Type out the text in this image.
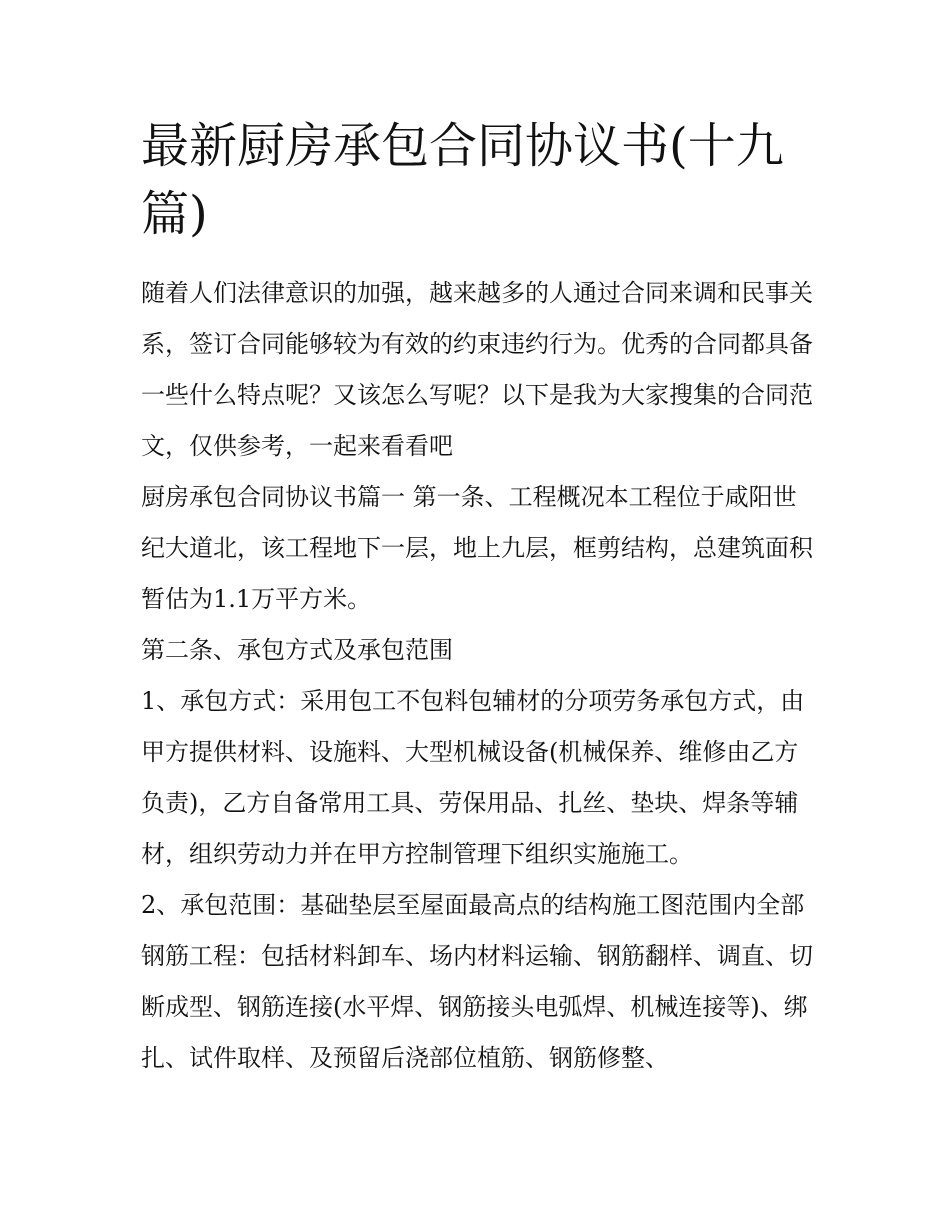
最新厨房承包合同协议书(十九篇)

随着人们法律意识的加强，越来越多的人通过合同来调和民事关系，签订合同能够较为有效的约束违约行为。优秀的合同都具备一些什么特点呢？又该怎么写呢？以下是我为大家搜集的合同范文，仅供参考，一起来看看吧

厨房承包合同协议书篇一 第一条、工程概况本工程位于咸阳世纪大道北，该工程地下一层，地上九层，框剪结构，总建筑面积暂估为1.1万平方米。

第二条、承包方式及承包范围

1、承包方式：采用包工不包料包辅材的分项劳务承包方式，由甲方提供材料、设施料、大型机械设备(机械保养、维修由乙方负责)，乙方自备常用工具、劳保用品、扎丝、垫块、焊条等辅材，组织劳动力并在甲方控制管理下组织实施施工。

2、承包范围：基础垫层至屋面最高点的结构施工图范围内全部钢筋工程：包括材料卸车、场内材料运输、钢筋翻样、调直、切断成型、钢筋连接(水平焊、钢筋接头电弧焊、机械连接等)、绑扎、试件取样、及预留后浇部位植筋、钢筋修整、
